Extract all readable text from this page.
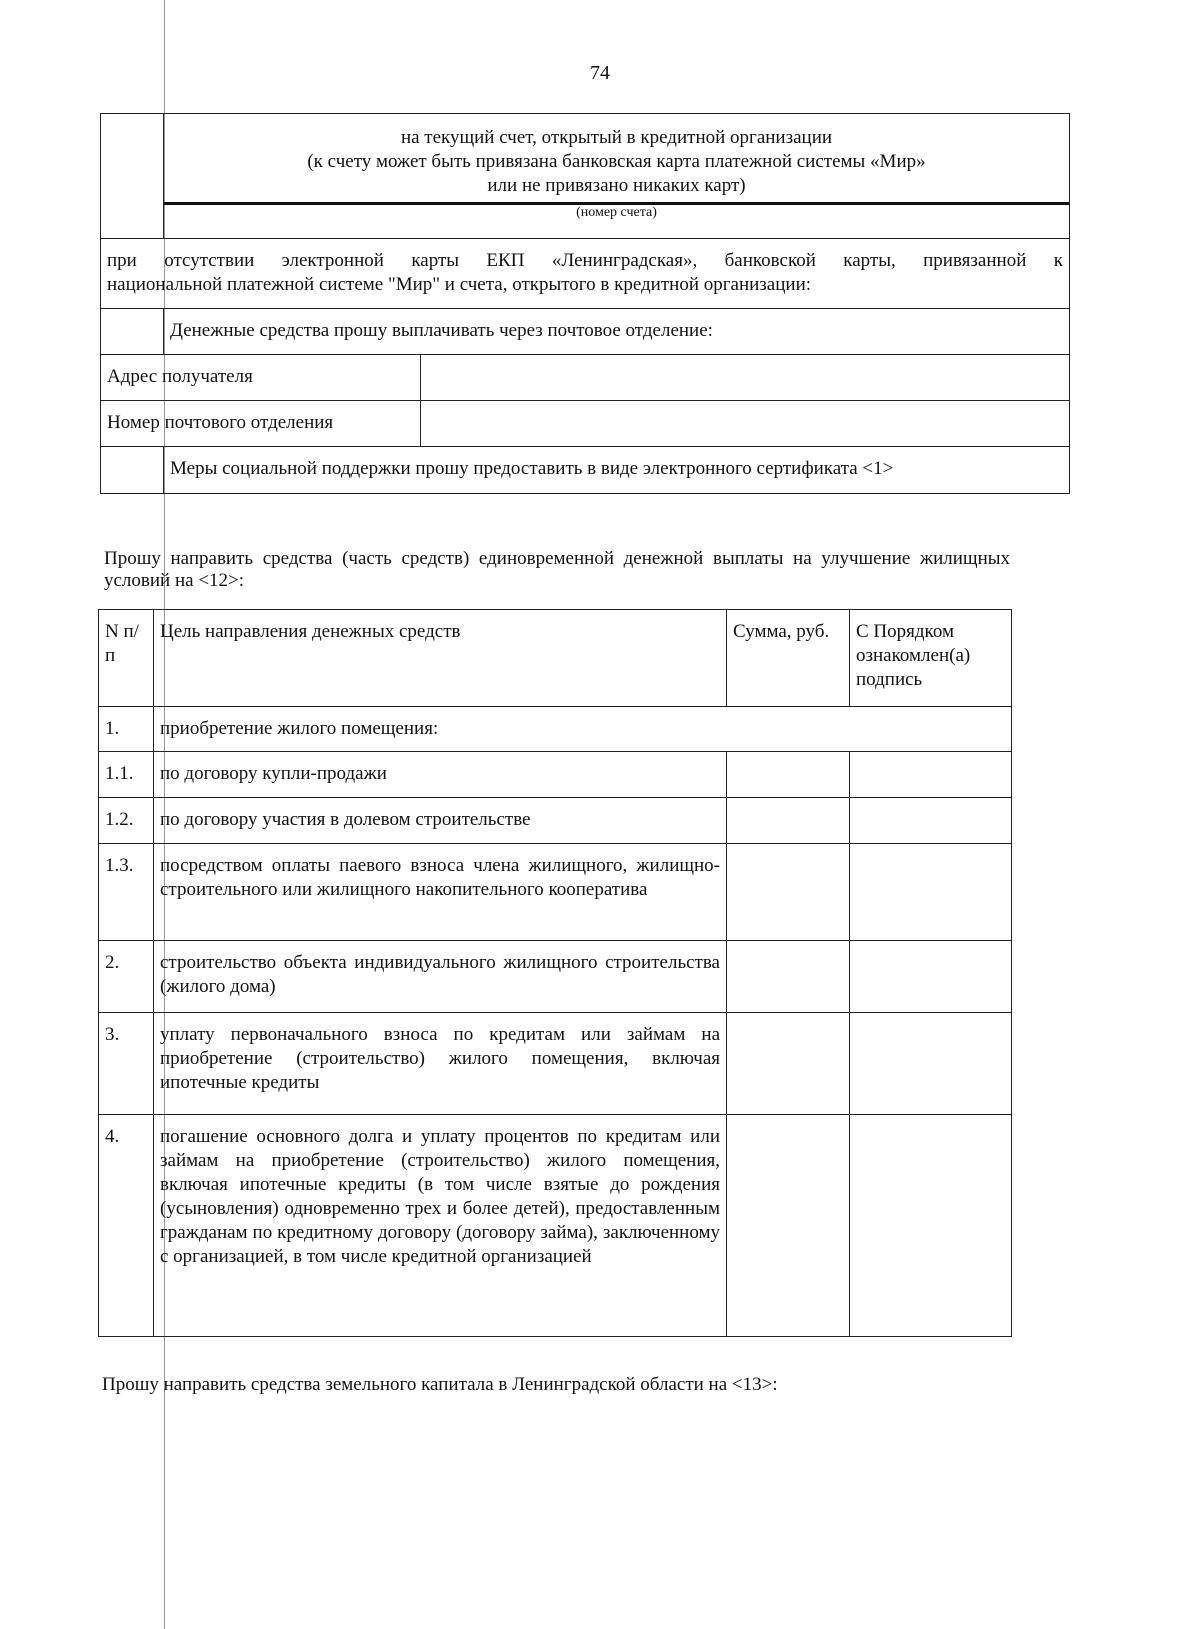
74

	на текущий счет, открытый в кредитной организации

(к счету может быть привязана банковская карта платежной системы «Мир»

или не привязано никаких карт)

(номер счета)	

при отсутствии электронной карты ЕКП «Ленинградская», банковской карты, привязанной к

национальной платежной системе "Мир" и счета, открытого в кредитной организации:		

	Денежные средства прошу выплачивать через почтовое отделение:	
Адрес получателя		
Номер почтового отделения		
	Меры социальной поддержки прошу предоставить в виде электронного сертификата <1>	

Прошу направить средства (часть средств) единовременной денежной выплаты на улучшение жилищных условий на <12>:

N п/п	Цель направления денежных средств	Сумма, руб.	С Порядком ознакомлен(а) подпись
1.	приобретение жилого помещения:		
1.1.	по договору купли-продажи		
1.2.	по договору участия в долевом строительстве		
1.3.	посредством оплаты паевого взноса члена жилищного, жилищно-строительного или жилищного накопительного кооператива		
2.	строительство объекта индивидуального жилищного строительства (жилого дома)		
3.	уплату первоначального взноса по кредитам или займам на приобретение (строительство) жилого помещения, включая ипотечные кредиты		
4.	погашение основного долга и уплату процентов по кредитам или займам на приобретение (строительство) жилого помещения, включая ипотечные кредиты (в том числе взятые до рождения (усыновления) одновременно трех и более детей), предоставленным гражданам по кредитному договору (договору займа), заключенному с организацией, в том числе кредитной организацией		

Прошу направить средства земельного капитала в Ленинградской области на <13>:
